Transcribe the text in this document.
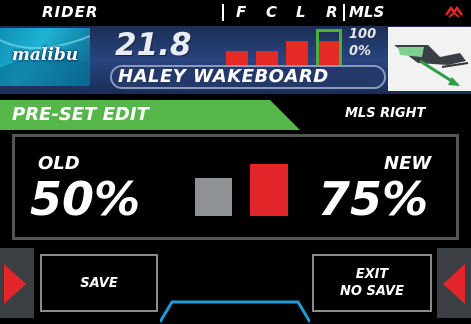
RIDER	F C L R MLS
malibu	21.8	100
0%
HALEY WAKEBOARD
PRE-SET EDIT	MLS RIGHT
OLD
50%
NEW
75%
SAVE
EXIT
NO SAVE
